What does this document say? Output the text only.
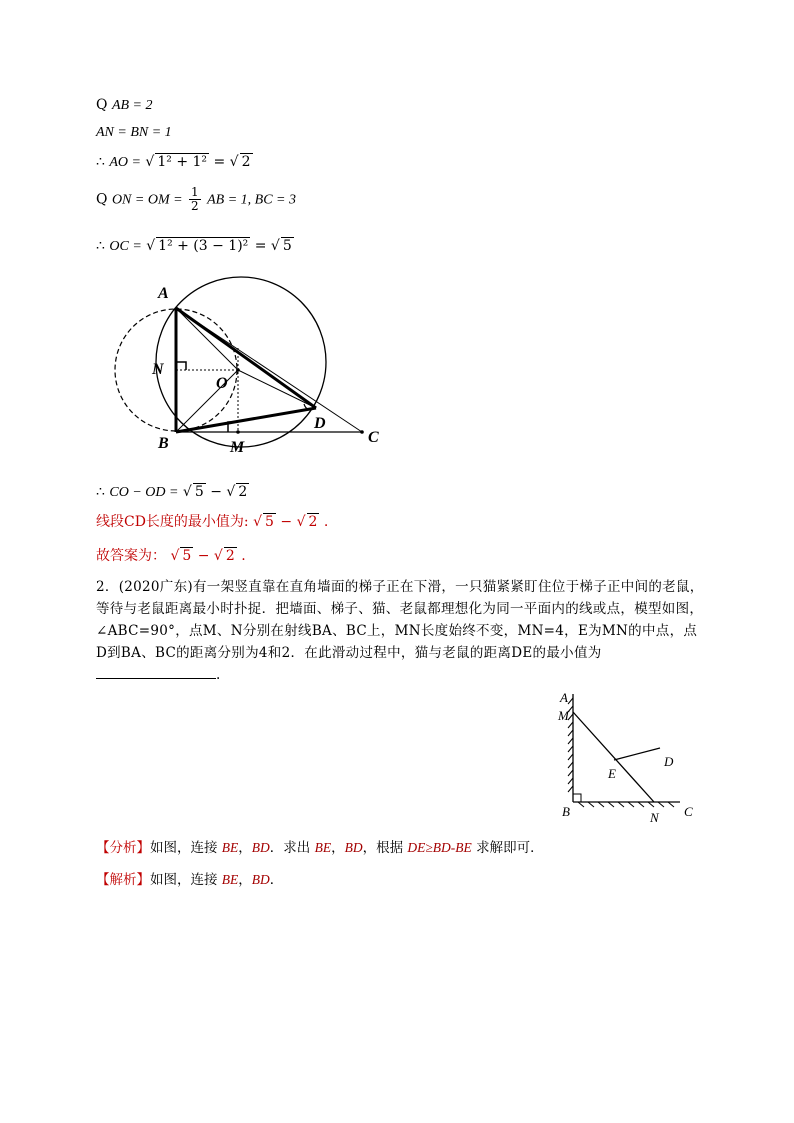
Q AB = 2
AN = BN = 1
∴ AO = √ 1² + 1² = √ 2
Q ON = OM = $\frac{1}{2}$ AB = 1, BC = 3
∴ OC = √ 1² + (3 − 1)² = √ 5
A
N
O
B	M
D
C
∴ CO − OD = √ 5 − √ 2
线段CD长度的最小值为: √ 5 − √ 2 .
故答案为： √ 5 − √ 2 .
2．(2020广东)有一架竖直靠在直角墙面的梯子正在下滑，一只猫紧紧盯住位于梯子正中间的老鼠，等待与老鼠距离最小时扑捉．把墙面、梯子、猫、老鼠都理想化为同一平面内的线或点，模型如图，∠ABC=90°，点M、N分别在射线BA、BC上，MN长度始终不变，MN=4，E为MN的中点，点D到BA、BC的距离分别为4和2．在此滑动过程中，猫与老鼠的距离DE的最小值为.
A
M
D
E
B	N C
【分析】如图，连接 BE，BD．求出 BE，BD，根据 DE≥BD-BE 求解即可．
【解析】如图，连接 BE，BD．
